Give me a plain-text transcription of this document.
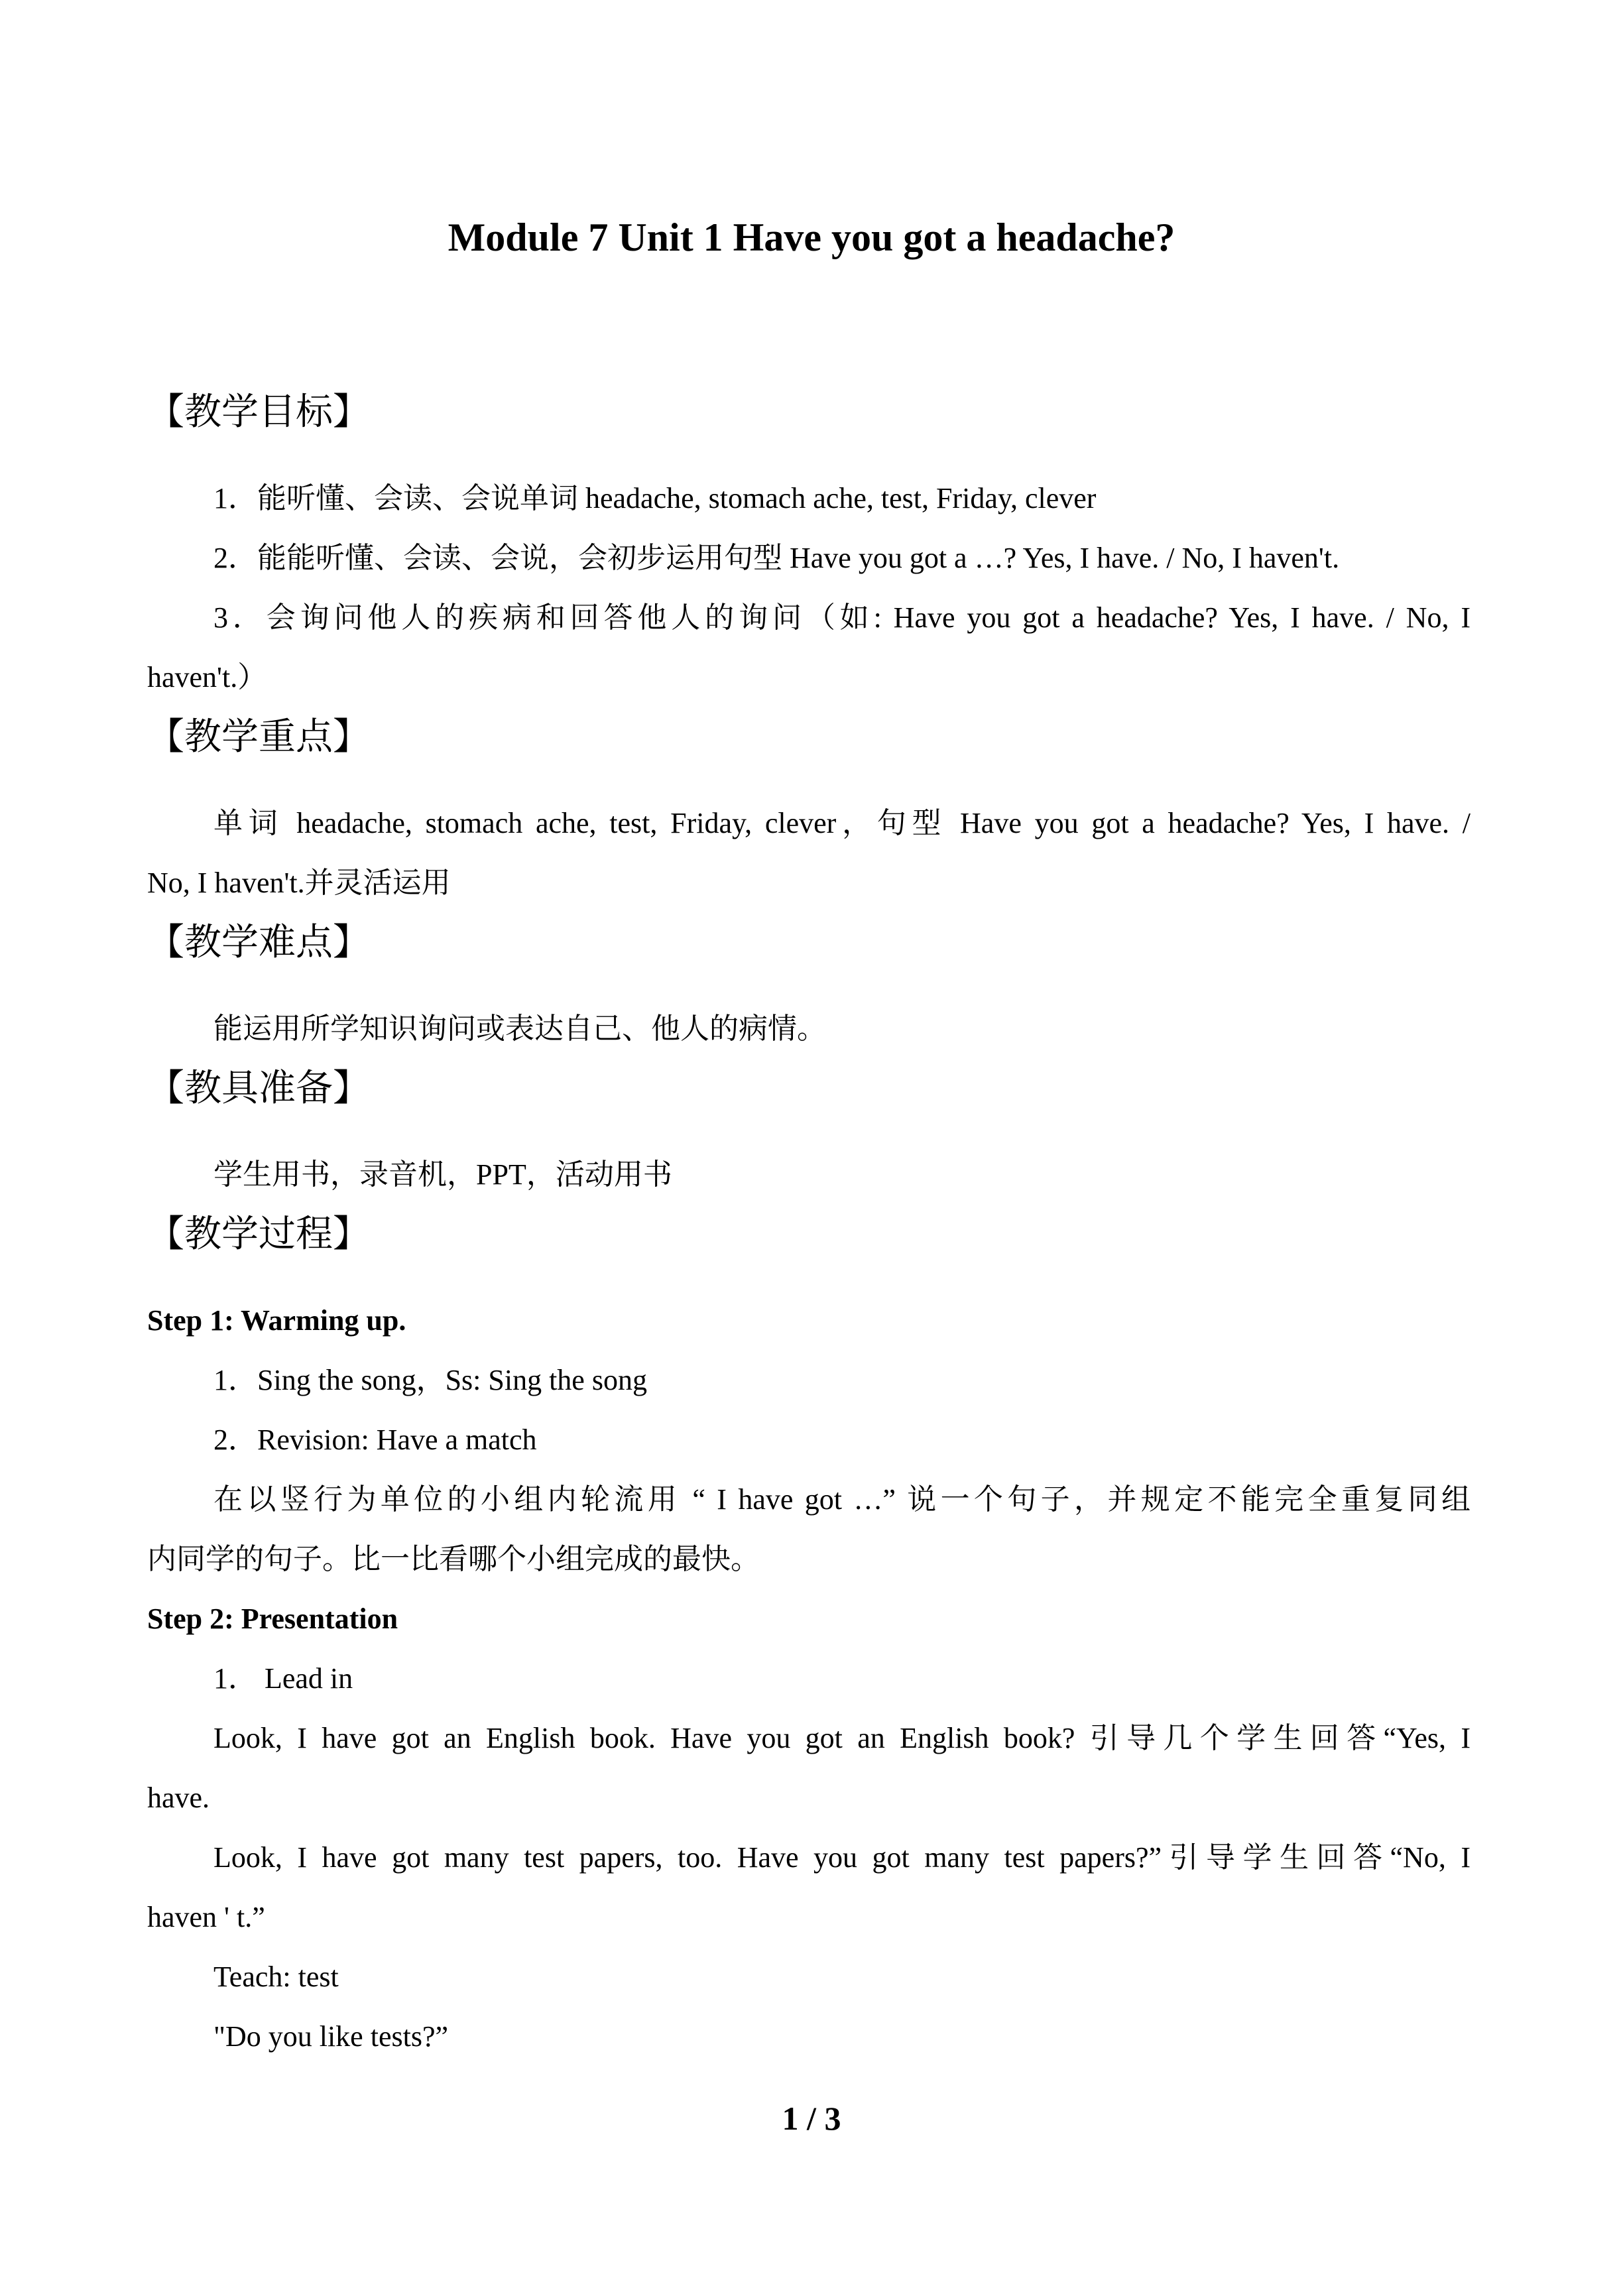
Module 7 Unit 1 Have you got a headache?
【教学目标】
1．能听懂、会读、会说单词 headache, stomach ache, test, Friday, clever
2．能能听懂、会读、会说，会初步运用句型 Have you got a …? Yes, I have. / No, I haven't.
3．会询问他人的疾病和回答他人的询问（如: Have you got a headache? Yes, I have. / No, I
haven't.）
【教学重点】
单词 headache, stomach ache, test, Friday, clever，句型 Have you got a headache? Yes, I have. /
No, I haven't.并灵活运用
【教学难点】
能运用所学知识询问或表达自己、他人的病情。
【教具准备】
学生用书，录音机，PPT，活动用书
【教学过程】
Step 1: Warming up.
1．Sing the song，Ss: Sing the song
2．Revision: Have a match
在以竖行为单位的小组内轮流用 “ I have got …” 说一个句子，并规定不能完全重复同组
内同学的句子。比一比看哪个小组完成的最快。
Step 2: Presentation
1． Lead in
Look, I have got an English book. Have you got an English book? 引导几个学生回答“Yes, I
have.
Look, I have got many test papers, too. Have you got many test papers?”引导学生回答“No, I
haven ' t.”
Teach: test
"Do you like tests?”
1 / 3
